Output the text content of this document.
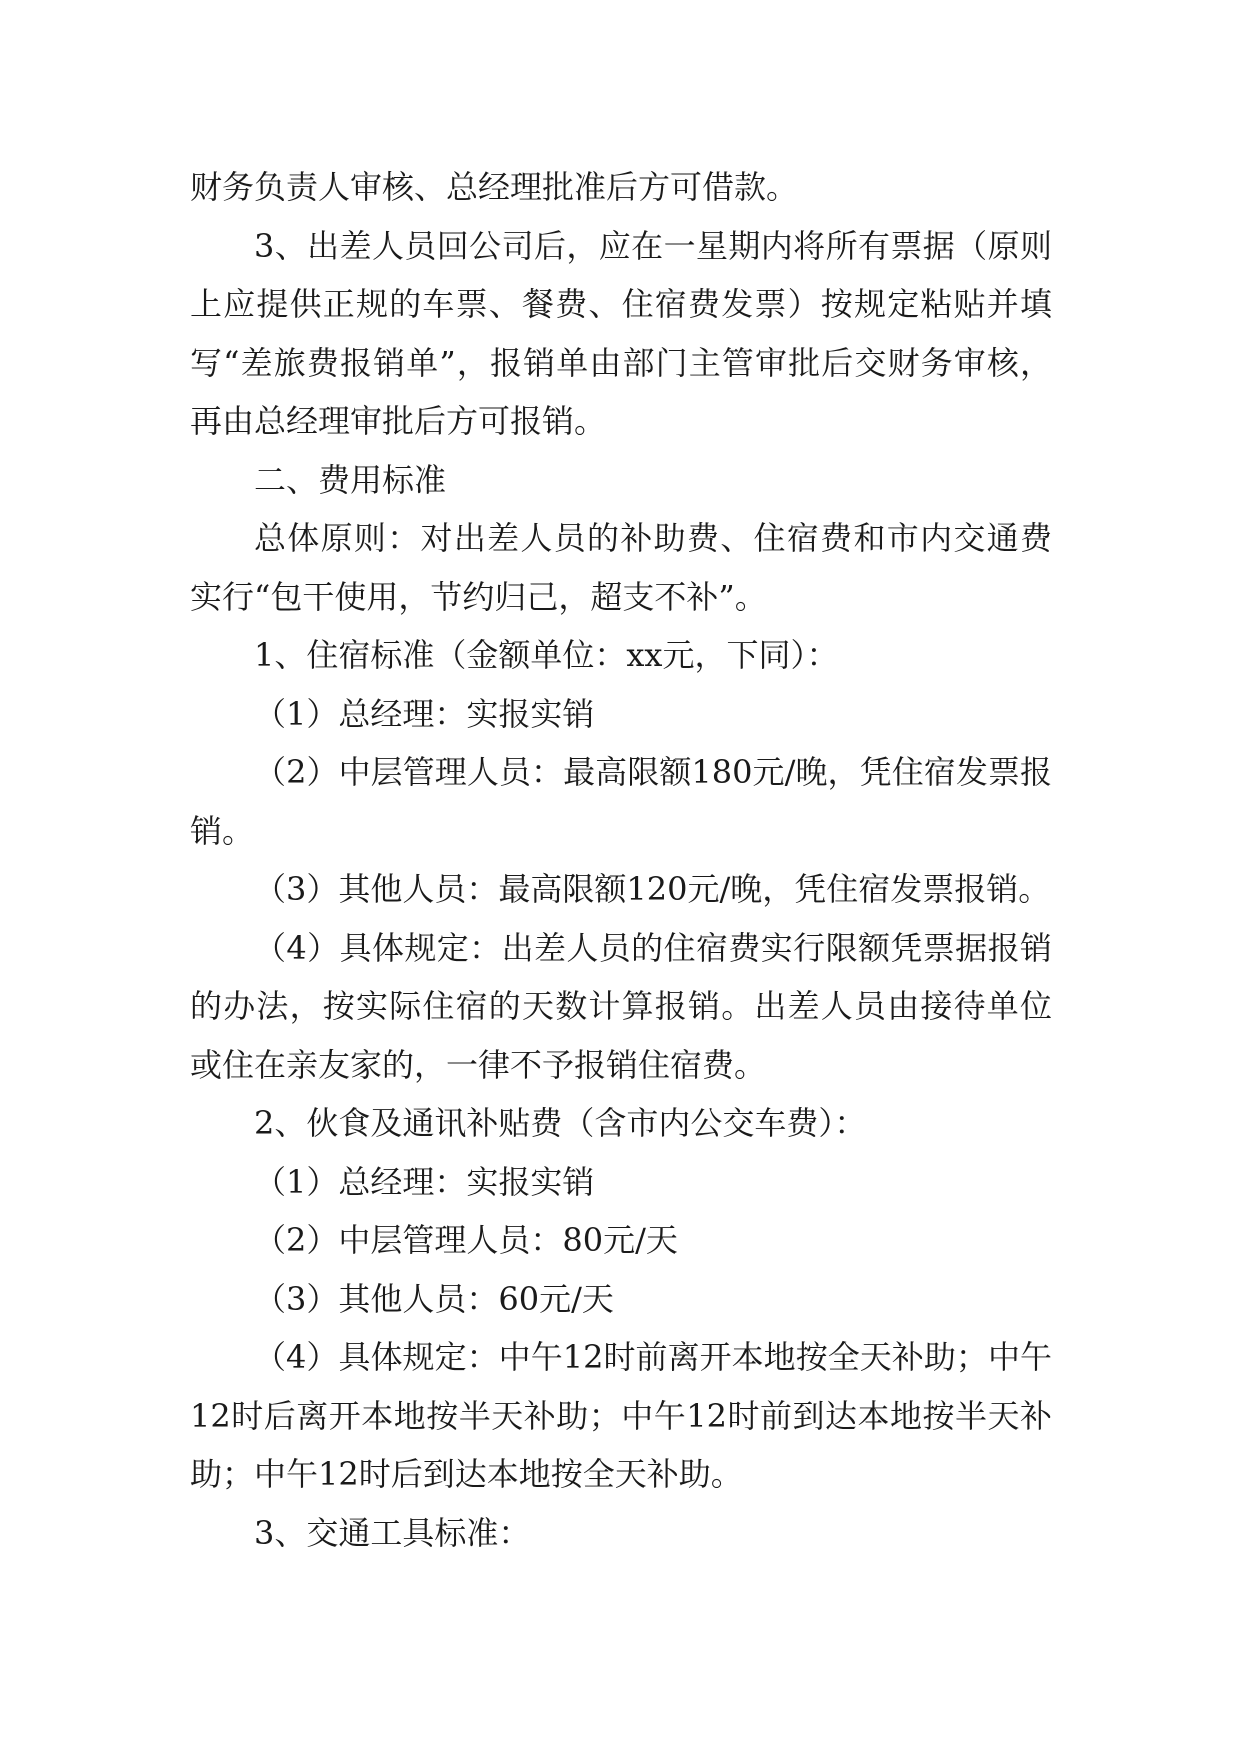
财务负责人审核、总经理批准后方可借款。

3、出差人员回公司后，应在一星期内将所有票据（原则上应提供正规的车票、餐费、住宿费发票）按规定粘贴并填写“差旅费报销单”，报销单由部门主管审批后交财务审核，再由总经理审批后方可报销。

二、费用标准

总体原则：对出差人员的补助费、住宿费和市内交通费实行“包干使用，节约归己，超支不补”。

1、住宿标准（金额单位：xx元，下同）：

（1）总经理：实报实销

（2）中层管理人员：最高限额180元/晚，凭住宿发票报销。

（3）其他人员：最高限额120元/晚，凭住宿发票报销。

（4）具体规定：出差人员的住宿费实行限额凭票据报销的办法，按实际住宿的天数计算报销。出差人员由接待单位或住在亲友家的，一律不予报销住宿费。

2、伙食及通讯补贴费（含市内公交车费）：

（1）总经理：实报实销

（2）中层管理人员：80元/天

（3）其他人员：60元/天

（4）具体规定：中午12时前离开本地按全天补助；中午12时后离开本地按半天补助；中午12时前到达本地按半天补助；中午12时后到达本地按全天补助。

3、交通工具标准：
